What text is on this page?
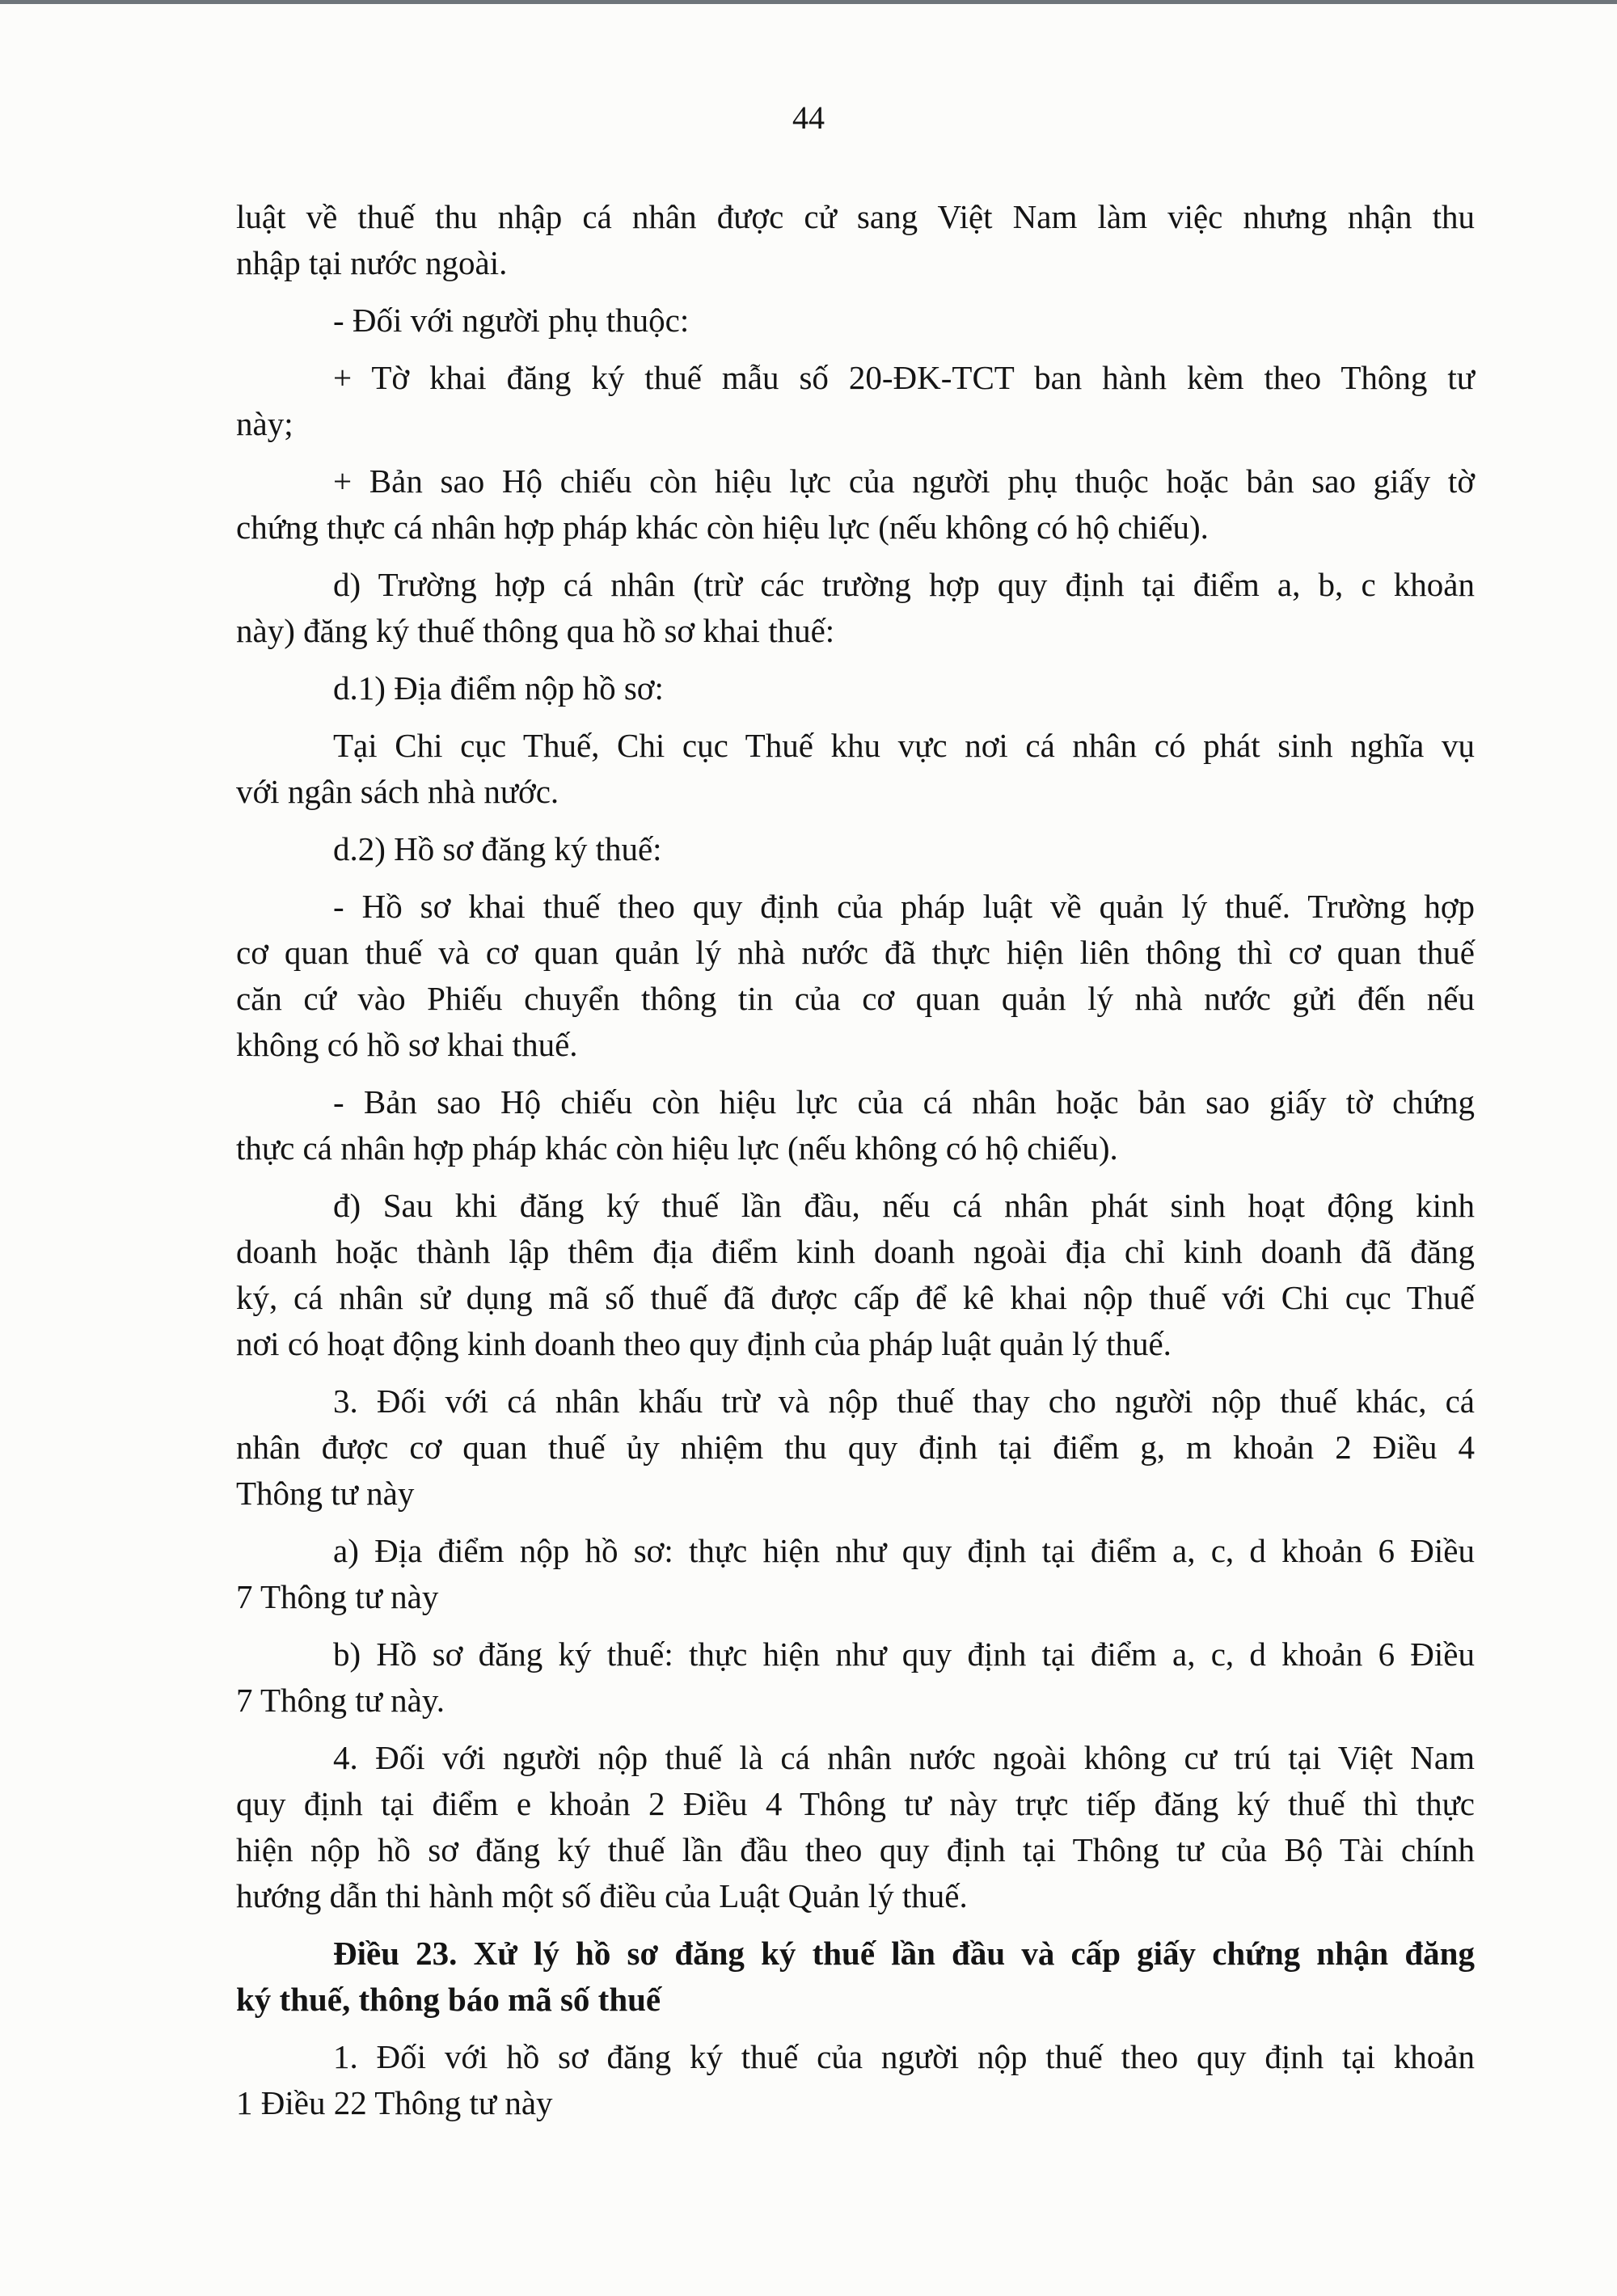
44

luật về thuế thu nhập cá nhân được cử sang Việt Nam làm việc nhưng nhận thu
nhập tại nước ngoài.

- Đối với người phụ thuộc:

+ Tờ khai đăng ký thuế mẫu số 20-ĐK-TCT ban hành kèm theo Thông tư
này;

+ Bản sao Hộ chiếu còn hiệu lực của người phụ thuộc hoặc bản sao giấy tờ
chứng thực cá nhân hợp pháp khác còn hiệu lực (nếu không có hộ chiếu).

d) Trường hợp cá nhân (trừ các trường hợp quy định tại điểm a, b, c khoản
này) đăng ký thuế thông qua hồ sơ khai thuế:

d.1) Địa điểm nộp hồ sơ:

Tại Chi cục Thuế, Chi cục Thuế khu vực nơi cá nhân có phát sinh nghĩa vụ
với ngân sách nhà nước.

d.2) Hồ sơ đăng ký thuế:

- Hồ sơ khai thuế theo quy định của pháp luật về quản lý thuế. Trường hợp
cơ quan thuế và cơ quan quản lý nhà nước đã thực hiện liên thông thì cơ quan thuế
căn cứ vào Phiếu chuyển thông tin của cơ quan quản lý nhà nước gửi đến nếu
không có hồ sơ khai thuế.

- Bản sao Hộ chiếu còn hiệu lực của cá nhân hoặc bản sao giấy tờ chứng
thực cá nhân hợp pháp khác còn hiệu lực (nếu không có hộ chiếu).

đ) Sau khi đăng ký thuế lần đầu, nếu cá nhân phát sinh hoạt động kinh
doanh hoặc thành lập thêm địa điểm kinh doanh ngoài địa chỉ kinh doanh đã đăng
ký, cá nhân sử dụng mã số thuế đã được cấp để kê khai nộp thuế với Chi cục Thuế
nơi có hoạt động kinh doanh theo quy định của pháp luật quản lý thuế.

3. Đối với cá nhân khấu trừ và nộp thuế thay cho người nộp thuế khác, cá
nhân được cơ quan thuế ủy nhiệm thu quy định tại điểm g, m khoản 2 Điều 4
Thông tư này

a) Địa điểm nộp hồ sơ: thực hiện như quy định tại điểm a, c, d khoản 6 Điều
7 Thông tư này

b) Hồ sơ đăng ký thuế: thực hiện như quy định tại điểm a, c, d khoản 6 Điều
7 Thông tư này.

4. Đối với người nộp thuế là cá nhân nước ngoài không cư trú tại Việt Nam
quy định tại điểm e khoản 2 Điều 4 Thông tư này trực tiếp đăng ký thuế thì thực
hiện nộp hồ sơ đăng ký thuế lần đầu theo quy định tại Thông tư của Bộ Tài chính
hướng dẫn thi hành một số điều của Luật Quản lý thuế.

Điều 23. Xử lý hồ sơ đăng ký thuế lần đầu và cấp giấy chứng nhận đăng
ký thuế, thông báo mã số thuế

1. Đối với hồ sơ đăng ký thuế của người nộp thuế theo quy định tại khoản
1 Điều 22 Thông tư này
